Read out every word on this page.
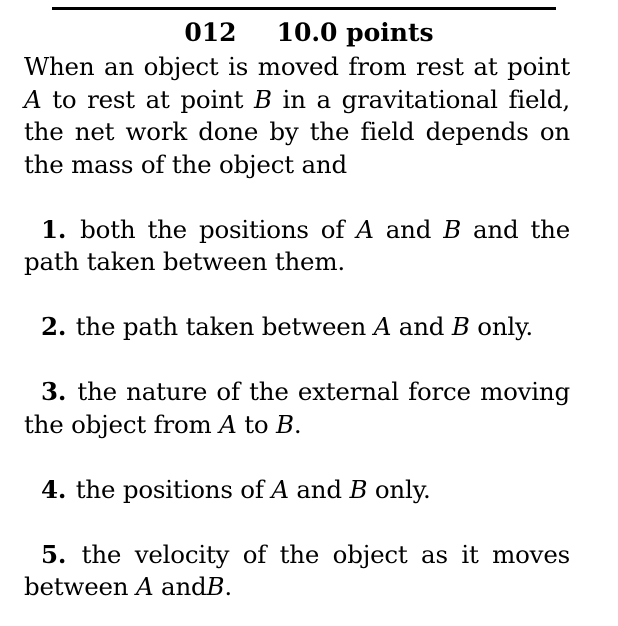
012 10.0 points

When an object is moved from rest at point A to rest at point B in a gravitational field, the net work done by the field depends on the mass of the object and

1. both the positions of A and B and the path taken between them.

2. the path taken between A and B only.

3. the nature of the external force moving the object from A to B.

4. the positions of A and B only.

5. the velocity of the object as it moves between A andB.
